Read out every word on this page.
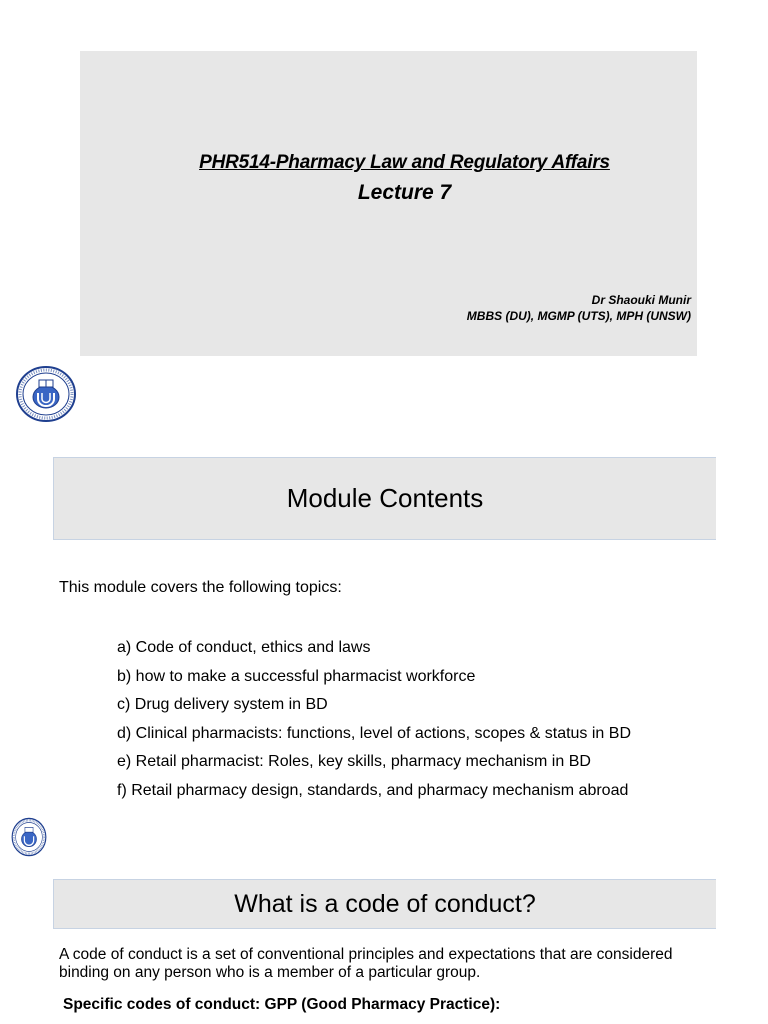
PHR514-Pharmacy Law and Regulatory Affairs
Lecture 7
Dr Shaouki Munir
MBBS (DU), MGMP (UTS), MPH (UNSW)
Module Contents
This module covers the following topics:
a) Code of conduct, ethics and laws
b) how to make a successful pharmacist workforce
c) Drug delivery system in BD
d) Clinical pharmacists: functions, level of actions, scopes & status in BD
e) Retail pharmacist: Roles, key skills, pharmacy mechanism in BD
f) Retail pharmacy design, standards, and pharmacy mechanism abroad
What is a code of conduct?
A code of conduct is a set of conventional principles and expectations that are considered binding on any person who is a member of a particular group.
Specific codes of conduct: GPP (Good Pharmacy Practice):
